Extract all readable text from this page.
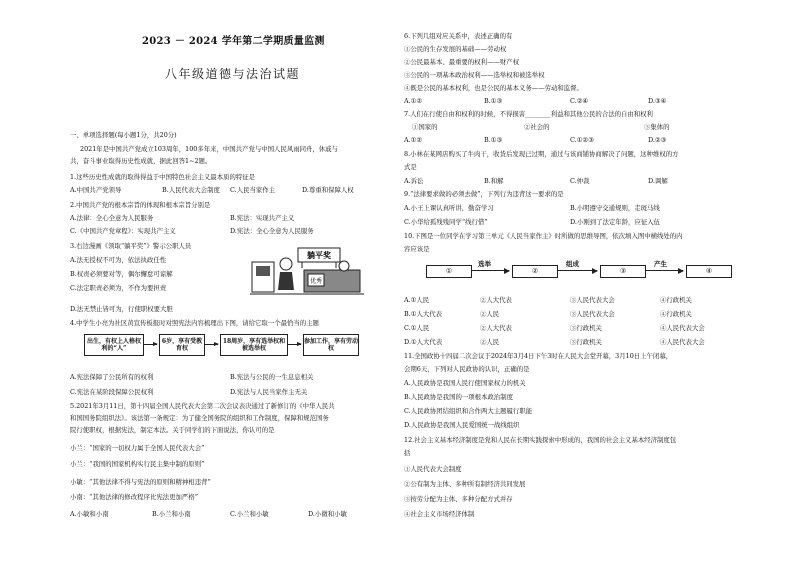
2023 － 2024 学年第二学期质量监测
八年级道德与法治试题
一、单项选择题(每小题1分，共20分)
2021年是中国共产党成立103周年，100多年来，中国共产党与中国人民风雨同舟，休戚与
共，奋斗事业取得历史性成就，据此回答1~2题。
1.这些历史性成就的取得得益于中国特色社会主义最本质的特征是
A.中国共产党领导	B.人民代表大会制度 C.人民当家作主	D.尊重和保障人权
2.中国共产党的根本宗旨的体现和根本宗旨分别是
A.法律：全心全意为人民服务	B.宪法：实现共产主义
C.《中国共产党章程》：实现共产主义	D.宪法：全心全意为人民服务
3.右边漫画《领取“躺平奖”》警示公职人员
A.法无授权不可为，依法执政任性
B.权责必须要对等，偶尔懈怠可谅解
C.法定职责必须为，不作为要担责
D.法无禁止皆可为，行使职权要大胆
躺平奖
优秀
4.中学生小亮为社区黄宣传板报时对照宪法内容梳理出下图，请给它取一个最恰当的主题
出生，有权上人格权利的“人”
6岁，享有受教育权
18周岁，享有选举权和被选举权
参加工作，享有劳动权
A.宪法保障了公民所有的权利	B.宪法与公民的一生息息相关
C.宪法在某阶段保障公民权利	D.宪法与人民当家作主无关
5.2021年3月11日，第十四届全国人民代表大会第二次会议表决通过了新修订的《中华人民共
和国国务院组织法》。该法第一条规定：为了健全国务院的组织和工作制度，保障和规范国务
院行使职权，根据宪法，制定本法。关于同学们的下面说法，你认可的是
小兰：“国家的一切权力属于全国人民代表大会”
小兰：“我国的国家机构实行民主集中制的原则”
小敏：“其他法律不得与宪法的原则和精神相违背”
小南：“其他法律的修改程序比宪法更加严格”
A.小敏和小南	B.小兰和小南	C.小兰和小敏	D.小微和小敏
6.下列几组对应关系中，表述正确的有
①公民的生存发展的基础——劳动权
②公民最基本、最重要的权利——财产权
③公民的一项基本政治权利——选举权和被选举权
④既是公民的基本权利，也是公民的基本义务——劳动和监督。
A.①②	B.①③	C.②④	D.③④
7.人们在行使自由和权利的时候，不得损害________利益和其他公民的合法的自由和权利
①国家的	②社会的	③集体的
A.①②	B.①③	C.①②③	D.②③
8.小林在某网店购买了牛肉干，收货后发现已过期，通过与该商铺协商解决了问题，这种维权的方
式是
A.诉讼	B.和解	C.仲裁	D.调解
9.“法律要求做的必须去做”，下列行为违背这一要求的是
A.小王上课认真听讲，勤奋学习	B.小明遵守交通规则，走斑马线
C.小华给孤残残同学“线行借”	D.小刚到了法定年龄，应征入伍
10.下图是一位同学在学习第三单元《人民当家作主》时所做的思维导图，依次填入图中横线处的内
容应该是
①
选举
②
组成
③
产生
④
A.①人民	②人大代表	③人民代表大会	④行政机关
B.①人大代表	②人民	③人民代表大会	④行政机关
C.①人民	②人大代表	③行政机关	④人民代表大会
D.①人大代表	②人民	③行政机关	④人民代表大会
11.全国政协十四届二次会议于2024年3月4日下午3时在人民大会堂开幕，3月10日上午闭幕，
会期6天，下列对人民政协的认识，正确的是
A.人民政协是我国人民行使国家权力的机关
B.人民政协是我国的一项根本政治制度
C.人民政协团结组织和合作两大主题履行职能
D.人民政协是我国人民爱国统一战线组织
12.社会主义基本经济制度是党和人民在长期实践探索中形成的，我国的社会主义基本经济制度包
括
①人民代表大会制度
②公有制为主体、多种所有制经济共同发展
③按劳分配为主体、多种分配方式并存
④社会主义市场经济体制
